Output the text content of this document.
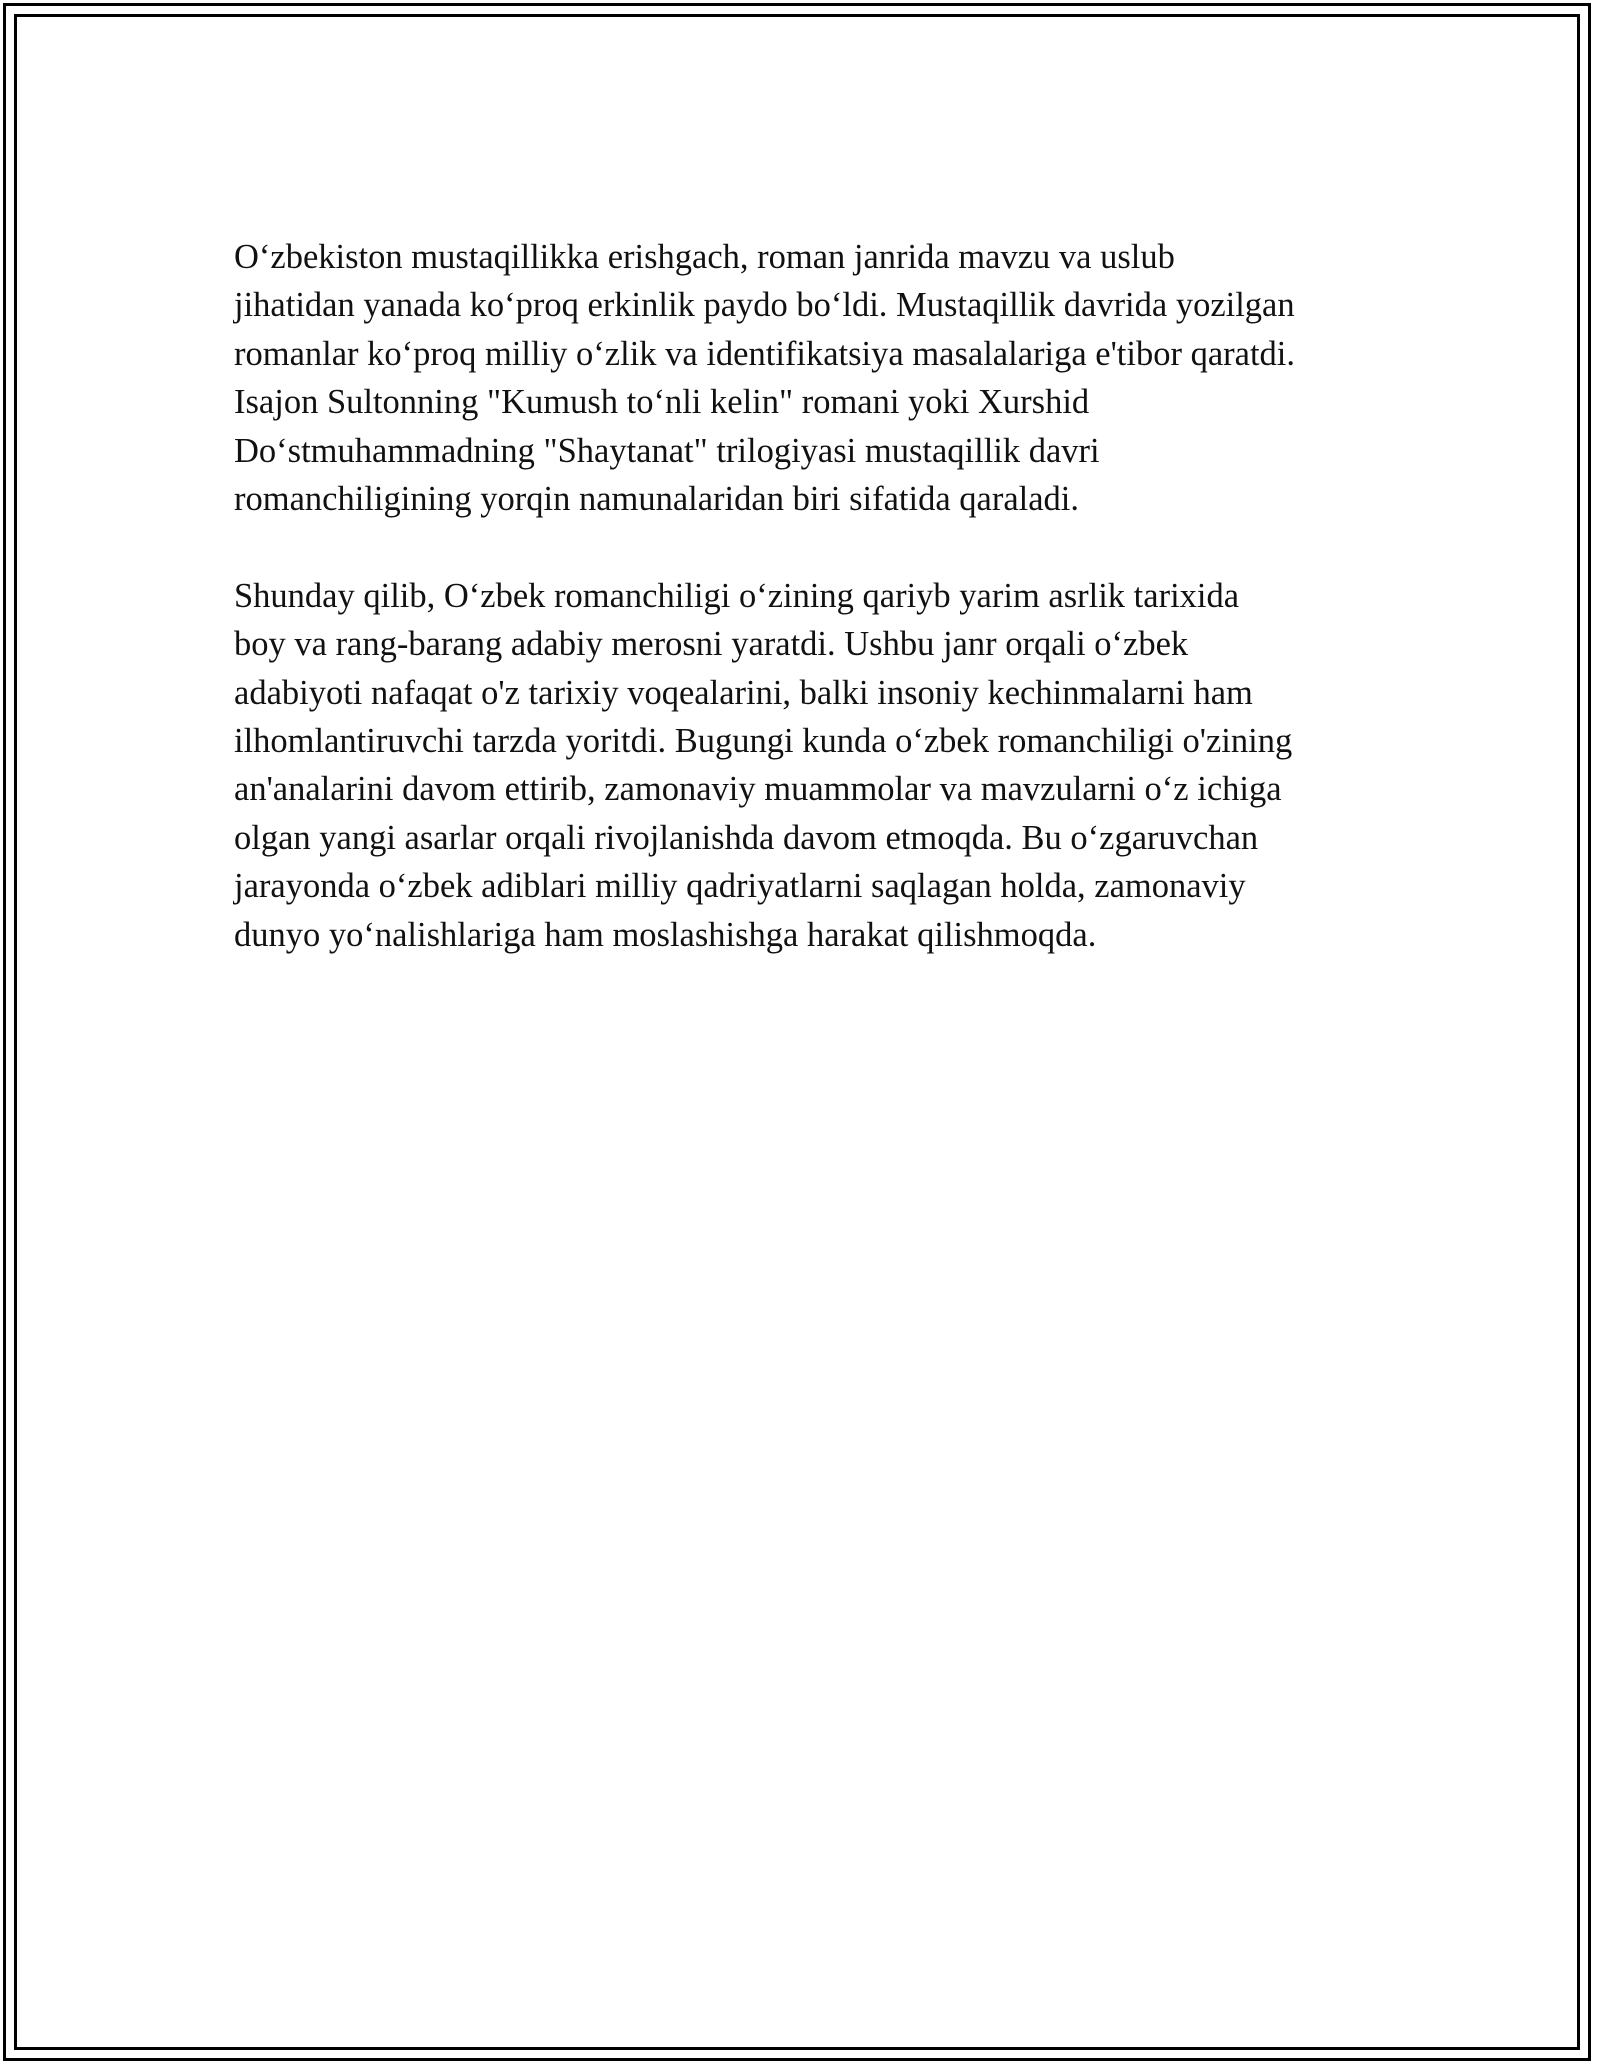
O‘zbekiston mustaqillikka erishgach, roman janrida mavzu va uslub
jihatidan yanada ko‘proq erkinlik paydo bo‘ldi. Mustaqillik davrida yozilgan
romanlar ko‘proq milliy o‘zlik va identifikatsiya masalalariga e'tibor qaratdi.
Isajon Sultonning "Kumush to‘nli kelin" romani yoki Xurshid
Do‘stmuhammadning "Shaytanat" trilogiyasi mustaqillik davri
romanchiligining yorqin namunalaridan biri sifatida qaraladi.

Shunday qilib, O‘zbek romanchiligi o‘zining qariyb yarim asrlik tarixida
boy va rang-barang adabiy merosni yaratdi. Ushbu janr orqali o‘zbek
adabiyoti nafaqat o'z tarixiy voqealarini, balki insoniy kechinmalarni ham
ilhomlantiruvchi tarzda yoritdi. Bugungi kunda o‘zbek romanchiligi o'zining
an'analarini davom ettirib, zamonaviy muammolar va mavzularni o‘z ichiga
olgan yangi asarlar orqali rivojlanishda davom etmoqda. Bu o‘zgaruvchan
jarayonda o‘zbek adiblari milliy qadriyatlarni saqlagan holda, zamonaviy
dunyo yo‘nalishlariga ham moslashishga harakat qilishmoqda.
